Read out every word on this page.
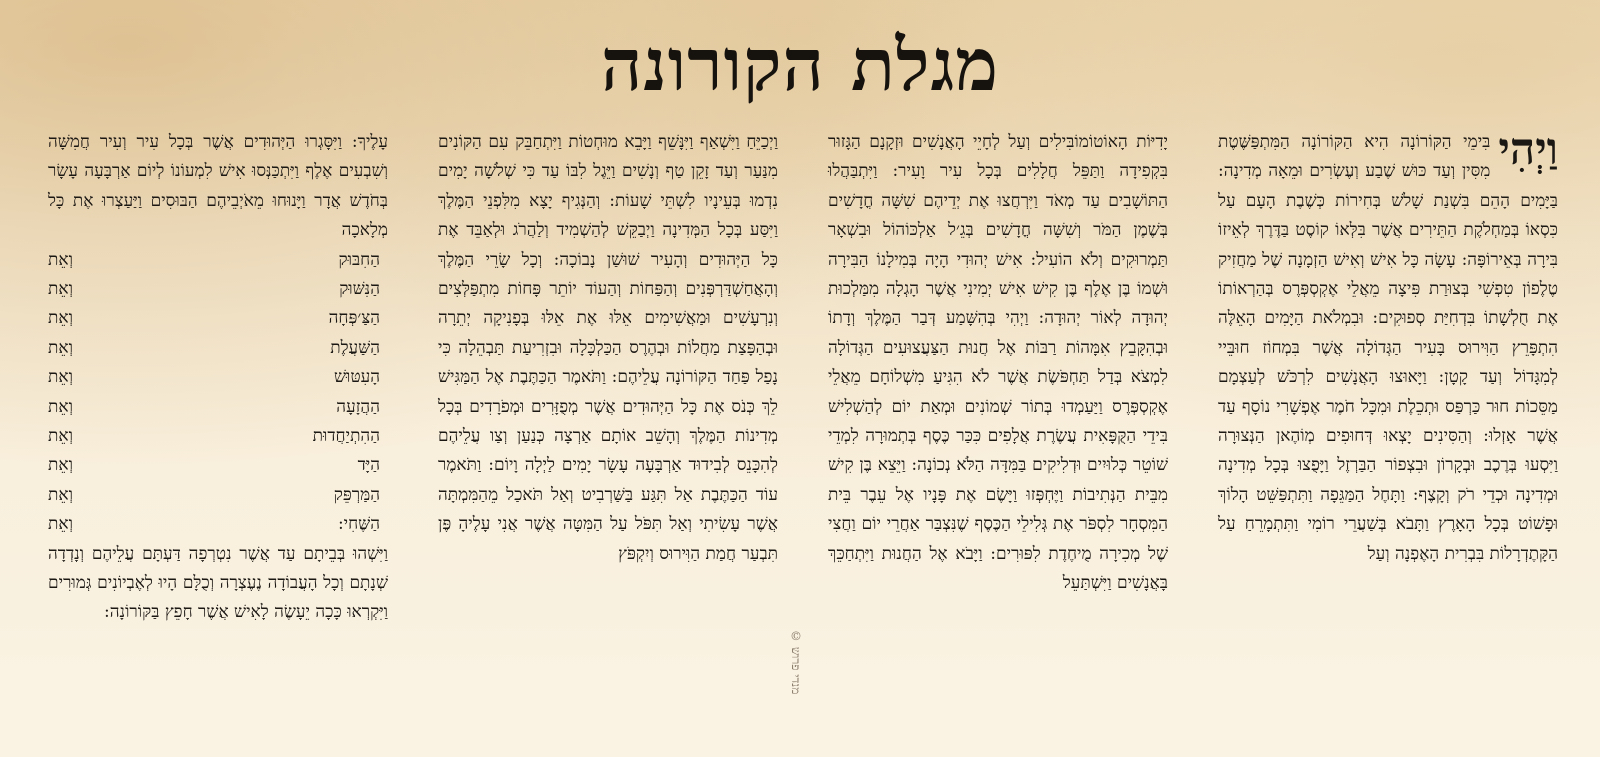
מגלת הקורונה
וַיְהִי

בִּימֵי הַקּוֹרוֹנָה הִיא הַקּוֹרוֹנָה הַמִּתְפַּשֶּׁטֶת מִסִּין וְעַד כּוּשׁ שֶׁבַע וְעֶשְׂרִים וּמֵאָה מְדִינָה: בַּיָּמִים הָהֵם בִּשְׁנַת שָׁלֹשׁ בְּחִירוֹת כְּשֶׁבֶת הָעָם עַל כִּסְאוֹ בְּמַחְלֹקֶת הַתֵּירִים אֲשֶׁר בִּלְּאוֹ קוֹסֶט בַּדֶּרֶךְ לְאֵיזוֹ בִּירָה בְּאֵירוֹפָּה: עָשָׂה כָּל אִישׁ וְאִישׁ הַזְמָנָה שֶׁל מַחֲזִיק טֶלֶפוֹן טִפְשִׁי בְּצוּרַת פִּיצָה מֵאֲלֵי אֶקְסְפְּרֶס בְּהַרְאוֹתוֹ אֶת חֻלְשָׁתוֹ בִּדְחִיַּת סְפוּקִים: וּבִמְלֹאת הַיָּמִים הָאֵלֶּה הִתְפָּרֵץ הַוִּירוּס בָּעִיר הַגְּדוֹלָה אֲשֶׁר בִּמְחוֹז חוּבֵּיי לְמִגָּדוֹל וְעַד קָטָן: וַיָּאוּצוּ הָאֲנָשִׁים לִרְכֹּשׁ לְעַצְמָם מַסֵּכוֹת חוּר כַּרְפַּס וּתְכֵלֶת וּמִכָּל חֹמֶר אֶפְשָׁרִי נוֹסָף עַד אֲשֶׁר אָזְלוּ: וְהַסִּינִים יָצְאוּ דְּחוּפִים מְוֹהֶאן הַנְּצוּרָה וַיִּסְעוּ בְּרֶכֶב וּבְקָרוֹן וּבִצְפוֹר הַבַּרְזֶל וַיָּפֻצוּ בְּכָל מְדִינָה וּמְדִינָה וּכְדֵי רֹק וְקָצֶף: וַתָּחֶל הַמַּגֵּפָה וַתִּתְפַּשֵּׁט הָלוֹךְ וּפָשׁוֹט בְּכָל הָאָרֶץ וַתָּבֹא בְּשַׁעֲרֵי רוֹמִי וַתִּתְמָרֵחַ עַל הַקָּתֶדְרָלוֹת בִּבְרִית הָאֶפְנָה וְעַל

יָדִיּוֹת הָאוֹטוֹמוֹבִּילִים וְעַל לְחָיֵי הָאֲנָשִׁים וּזְקָנָם הַגָּזוּר בִּקְפִידָה וַתַּפֵּל חֲלָלִים בְּכָל עִיר וָעִיר: וַיִּתְבַּהֲלוּ הַתּוֹשָׁבִים עַד מְאֹד וַיִּרְחֲצוּ אֶת יְדֵיהֶם שִׁשָּׁה חֳדָשִׁים בְּשֶׁמֶן הַמֹּר וְשִׁשָּׁה חֳדָשִׁים בְּגֵ׳ל אַלְכּוֹהוֹל וּבִשְׁאָר תַּמְרוּקִים וְלֹא הוֹעִיל: אִישׁ יְהוּדִי הָיָה בְּמִילָנוֹ הַבִּירָה וּשְׁמוֹ בֶּן אֶלֶף בֶּן קִישׁ אִישׁ יְמִינִי אֲשֶׁר הָגְלָה מִמַּלְכוּת יְהוּדָה לְאוֹר יְהוּדָה: וַיְהִי בְּהִשָּׁמַע דְּבַר הַמֶּלֶךְ וְדָתוֹ וּבְהִקָּבֵץ אִמָּהוֹת רַבּוֹת אֶל חֲנוּת הַצַּעֲצוּעִים הַגְּדוֹלָה לִמְצֹא בְּדַל תַּחְפֹּשֶׂת אֲשֶׁר לֹא הִגִּיעַ מִשְׁלוֹחָם מֵאֲלֵי אֶקְסְפְּרֶס וַיַּעַמְדוּ בְּתוֹר שְׁמוֹנִים וּמְאַת יוֹם לְהַשְׁלִישׁ בִּידֵי הַקֻּפָּאִית עֲשֶׂרֶת אֲלָפִים כִּכַּר כֶּסֶף בְּתְמוּרָה לִמְדֵי שׁוֹטֵר כְּלוּיִים וּדְלִיקִים בַּמִּדָּה הַלֹּא נְכוֹנָה: וַיֵּצֵא בֶּן קִישׁ מִבֵּית הַנְּתִיבוֹת וַיֶּחְפְּזוּ וַיָּשֶׂם אֶת פָּנָיו אֶל עֵבֶר בֵּית הַמִּסְחָר לִסְפֹּר אֶת גְּלִילֵי הַכֶּסֶף שֶׁנִּצְבַּר אַחֲרֵי יוֹם וַחֲצִי שֶׁל מְכִירָה מֻיחֶדֶת לִפּוּרִים: וַיָּבֹא אֶל הַחֲנוּת וַיִּתְחַכֵּךְ בָּאֲנָשִׁים וַיִּשְׁתַּעֵל

וַיְכַיֵּחַ וַיִּשְׁאַף וַיִּנָּשֵׁף וַיָּבֵא מוּחְטוֹת וַיִּתְחַבֵּק עִם הַקּוֹנִים מִנַּעַר וְעַד זָקֵן טַף וְנָשִׁים וַיֵּגֶל לִבּוֹ עַד כִּי שְׁלֹשָׁה יָמִים נִדְמוּ בְּעֵינָיו לִשְׁתֵּי שָׁעוֹת: וְהַנְּגִיף יָצָא מִלִּפְנֵי הַמֶּלֶךְ וַיִּסַּע בְּכָל הַמְּדִינָה וַיְבַקֵּשׁ לְהַשְׁמִיד וְלַהֲרֹג וּלְאַבֵּד אֶת כָּל הַיְּהוּדִים וְהָעִיר שׁוּשַׁן נָבוֹכָה: וְכָל שָׂרֵי הַמֶּלֶךְ וְהָאֲחַשְׁדַּרְפְּנִים וְהַפַּחוֹת וְהַעוֹד יוֹתֵר פָּחוֹת מִתְפַּלְּצִים וְנִרְעָשִׁים וּמַאֲשִׁימִים אֵלּוּ אֶת אֵלּוּ בְּפָנִיקָה יְתֵרָה וּבְהַפָּצַת מַחֲלוֹת וּבְהֶרֶס הַכַּלְכָּלָה וּבִזְרִיעַת תַּבְהֵלָה כִּי נָפַל פַּחַד הַקּוֹרוֹנָה עֲלֵיהֶם: וַתֹּאמֶר הַכַּתֶּבֶת אֶל הַמַּגִּישׁ לֵךְ כְּנֹס אֶת כָּל הַיְּהוּדִים אֲשֶׁר מְפֻזָּרִים וּמְפֹרָדִים בְּכָל מְדִינוֹת הַמֶּלֶךְ וְהָשֵׁב אוֹתָם אַרְצָה כְּנַעַן וְצַו עֲלֵיהֶם לְהִכָּנֵס לְבִידוּד אַרְבָּעָה עָשָׂר יָמִים לַיְלָה וָיוֹם: וַתֹּאמֶר עוֹד הַכַּתֶּבֶת אַל תִּגַּע בַּשַּׁרְבִיט וְאַל תֹּאכַל מֵהַמִּמְתָּה אֲשֶׁר עָשִׂיתִי וְאַל תִּפֹּל עַל הַמִּטָּה אֲשֶׁר אֲנִי עָלֶיהָ פֶּן תִּבְעַר חֲמַת הַוִּירוּס וְיִקְפֹּץ

עָלֶיךָ: וַיִּסָּגְרוּ הַיְּהוּדִים אֲשֶׁר בְּכָל עִיר וְעִיר חֲמִשָּׁה וְשִׁבְעִים אֶלֶף וַיִּתְכַּנְּסוּ אִישׁ לִמְעוֹנוֹ לְיוֹם אַרְבָּעָה עָשָׂר בְּחֹדֶשׁ אֲדָר וַיָּנוּחוּ מֵאֹיְבֵיהֶם הַבּוּסִים וַיַּעַצְרוּ אֶת כָּל מְלָאכָה

הַחִבּוּק
וְאֵת
הַנִּשּׁוּק
וְאֵת
הַצַּ׳פְּחָה
וְאֵת
הַשַּׁעֲלֶת
וְאֵת
הָעִטּוּשׁ
וְאֵת
הַהֲזָעָה
וְאֵת
הַהִתְיַחֲדוּת
וְאֵת
הַיָּד
וְאֵת
הַמַּרְפֵּק
וְאֵת
הַשֶּׁחִי:
וְאֵת

וַיִּשְׁהוּ בְּבֵיתָם עַד אֲשֶׁר נִטְרְפָה דַּעְתָּם עֲלֵיהֶם וְנָדְדָה שְׁנָתָם וְכָל הָעֲבוֹדָה נֶעֶצְרָה וְכֻלָּם הָיוּ לְאֶבְיוֹנִים גְּמוּרִים וַיִּקְרְאוּ כָּכָה יֵעָשֶׂה לָאִישׁ אֲשֶׁר חָפֵץ בַּקּוֹרוֹנָה:

מנדי פרוש ©
